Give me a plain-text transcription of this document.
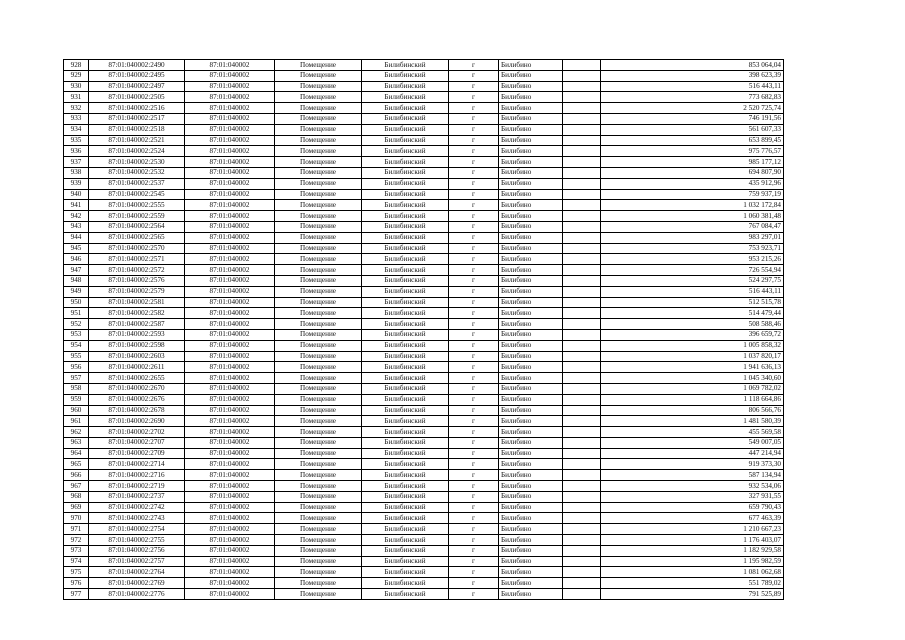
928	87:01:040002:2490	87:01:040002	Помещение	Билибинский	г	Билибино		853 064,04
929	87:01:040002:2495	87:01:040002	Помещение	Билибинский	г	Билибино		398 623,39
930	87:01:040002:2497	87:01:040002	Помещение	Билибинский	г	Билибино		516 443,11
931	87:01:040002:2505	87:01:040002	Помещение	Билибинский	г	Билибино		773 682,83
932	87:01:040002:2516	87:01:040002	Помещение	Билибинский	г	Билибино		2 520 725,74
933	87:01:040002:2517	87:01:040002	Помещение	Билибинский	г	Билибино		746 191,56
934	87:01:040002:2518	87:01:040002	Помещение	Билибинский	г	Билибино		561 607,33
935	87:01:040002:2521	87:01:040002	Помещение	Билибинский	г	Билибино		653 899,45
936	87:01:040002:2524	87:01:040002	Помещение	Билибинский	г	Билибино		975 776,57
937	87:01:040002:2530	87:01:040002	Помещение	Билибинский	г	Билибино		985 177,12
938	87:01:040002:2532	87:01:040002	Помещение	Билибинский	г	Билибино		694 807,90
939	87:01:040002:2537	87:01:040002	Помещение	Билибинский	г	Билибино		435 912,96
940	87:01:040002:2545	87:01:040002	Помещение	Билибинский	г	Билибино		759 937,19
941	87:01:040002:2555	87:01:040002	Помещение	Билибинский	г	Билибино		1 032 172,84
942	87:01:040002:2559	87:01:040002	Помещение	Билибинский	г	Билибино		1 060 381,48
943	87:01:040002:2564	87:01:040002	Помещение	Билибинский	г	Билибино		767 084,47
944	87:01:040002:2565	87:01:040002	Помещение	Билибинский	г	Билибино		983 297,01
945	87:01:040002:2570	87:01:040002	Помещение	Билибинский	г	Билибино		753 923,71
946	87:01:040002:2571	87:01:040002	Помещение	Билибинский	г	Билибино		953 215,26
947	87:01:040002:2572	87:01:040002	Помещение	Билибинский	г	Билибино		726 554,94
948	87:01:040002:2576	87:01:040002	Помещение	Билибинский	г	Билибино		524 297,75
949	87:01:040002:2579	87:01:040002	Помещение	Билибинский	г	Билибино		516 443,11
950	87:01:040002:2581	87:01:040002	Помещение	Билибинский	г	Билибино		512 515,78
951	87:01:040002:2582	87:01:040002	Помещение	Билибинский	г	Билибино		514 479,44
952	87:01:040002:2587	87:01:040002	Помещение	Билибинский	г	Билибино		508 588,46
953	87:01:040002:2593	87:01:040002	Помещение	Билибинский	г	Билибино		396 659,72
954	87:01:040002:2598	87:01:040002	Помещение	Билибинский	г	Билибино		1 005 858,32
955	87:01:040002:2603	87:01:040002	Помещение	Билибинский	г	Билибино		1 037 820,17
956	87:01:040002:2611	87:01:040002	Помещение	Билибинский	г	Билибино		1 941 636,13
957	87:01:040002:2655	87:01:040002	Помещение	Билибинский	г	Билибино		1 045 340,60
958	87:01:040002:2670	87:01:040002	Помещение	Билибинский	г	Билибино		1 069 782,02
959	87:01:040002:2676	87:01:040002	Помещение	Билибинский	г	Билибино		1 118 664,86
960	87:01:040002:2678	87:01:040002	Помещение	Билибинский	г	Билибино		806 566,76
961	87:01:040002:2690	87:01:040002	Помещение	Билибинский	г	Билибино		1 481 580,39
962	87:01:040002:2702	87:01:040002	Помещение	Билибинский	г	Билибино		455 569,58
963	87:01:040002:2707	87:01:040002	Помещение	Билибинский	г	Билибино		549 007,05
964	87:01:040002:2709	87:01:040002	Помещение	Билибинский	г	Билибино		447 214,94
965	87:01:040002:2714	87:01:040002	Помещение	Билибинский	г	Билибино		919 373,30
966	87:01:040002:2716	87:01:040002	Помещение	Билибинский	г	Билибино		587 134,94
967	87:01:040002:2719	87:01:040002	Помещение	Билибинский	г	Билибино		932 534,06
968	87:01:040002:2737	87:01:040002	Помещение	Билибинский	г	Билибино		327 931,55
969	87:01:040002:2742	87:01:040002	Помещение	Билибинский	г	Билибино		659 790,43
970	87:01:040002:2743	87:01:040002	Помещение	Билибинский	г	Билибино		677 463,39
971	87:01:040002:2754	87:01:040002	Помещение	Билибинский	г	Билибино		1 210 667,23
972	87:01:040002:2755	87:01:040002	Помещение	Билибинский	г	Билибино		1 176 403,07
973	87:01:040002:2756	87:01:040002	Помещение	Билибинский	г	Билибино		1 182 929,58
974	87:01:040002:2757	87:01:040002	Помещение	Билибинский	г	Билибино		1 195 982,59
975	87:01:040002:2764	87:01:040002	Помещение	Билибинский	г	Билибино		1 081 062,68
976	87:01:040002:2769	87:01:040002	Помещение	Билибинский	г	Билибино		551 789,02
977	87:01:040002:2776	87:01:040002	Помещение	Билибинский	г	Билибино		791 525,89
